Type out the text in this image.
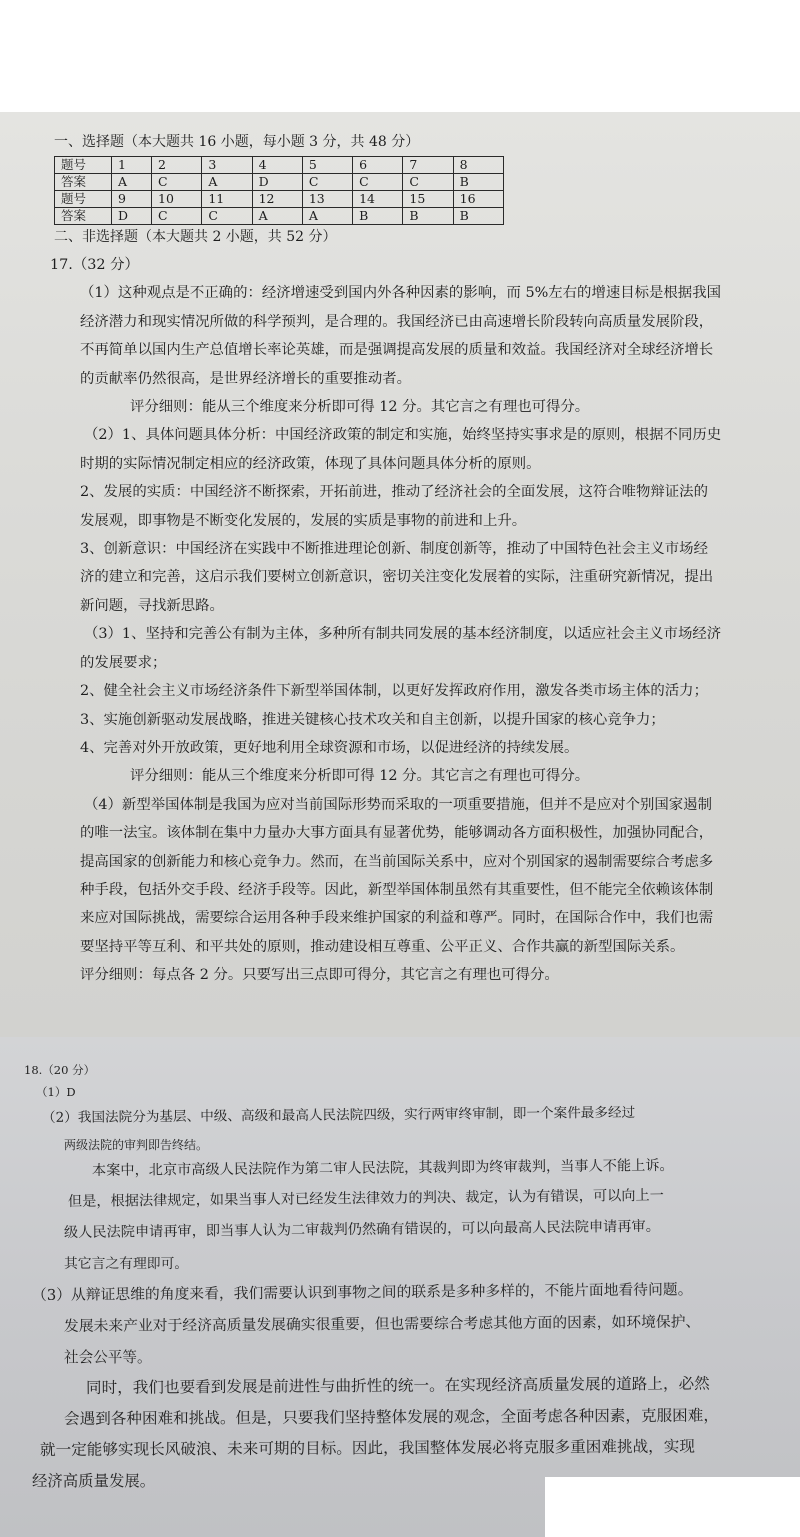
一、选择题（本大题共 16 小题，每小题 3 分，共 48 分）
题号	1	2	3	4	5	6	7	8
答案	A	C	A	D	C	C	C	B
题号	9	10	11	12	13	14	15	16
答案	D	C	C	A	A	B	B	B
二、非选择题（本大题共 2 小题，共 52 分）

17.（32 分）

（1）这种观点是不正确的：经济增速受到国内外各种因素的影响，而 5%左右的增速目标是根据我国

经济潜力和现实情况所做的科学预判，是合理的。我国经济已由高速增长阶段转向高质量发展阶段，

不再简单以国内生产总值增长率论英雄，而是强调提高发展的质量和效益。我国经济对全球经济增长

的贡献率仍然很高，是世界经济增长的重要推动者。

评分细则：能从三个维度来分析即可得 12 分。其它言之有理也可得分。

（2）1、具体问题具体分析：中国经济政策的制定和实施，始终坚持实事求是的原则，根据不同历史

时期的实际情况制定相应的经济政策，体现了具体问题具体分析的原则。

2、发展的实质：中国经济不断探索，开拓前进，推动了经济社会的全面发展，这符合唯物辩证法的

发展观，即事物是不断变化发展的，发展的实质是事物的前进和上升。

3、创新意识：中国经济在实践中不断推进理论创新、制度创新等，推动了中国特色社会主义市场经

济的建立和完善，这启示我们要树立创新意识，密切关注变化发展着的实际，注重研究新情况，提出

新问题，寻找新思路。

（3）1、坚持和完善公有制为主体，多种所有制共同发展的基本经济制度，以适应社会主义市场经济

的发展要求；

2、健全社会主义市场经济条件下新型举国体制，以更好发挥政府作用，激发各类市场主体的活力；

3、实施创新驱动发展战略，推进关键核心技术攻关和自主创新，以提升国家的核心竞争力；

4、完善对外开放政策，更好地利用全球资源和市场，以促进经济的持续发展。

评分细则：能从三个维度来分析即可得 12 分。其它言之有理也可得分。

（4）新型举国体制是我国为应对当前国际形势而采取的一项重要措施，但并不是应对个别国家遏制

的唯一法宝。该体制在集中力量办大事方面具有显著优势，能够调动各方面积极性，加强协同配合，

提高国家的创新能力和核心竞争力。然而，在当前国际关系中，应对个别国家的遏制需要综合考虑多

种手段，包括外交手段、经济手段等。因此，新型举国体制虽然有其重要性，但不能完全依赖该体制

来应对国际挑战，需要综合运用各种手段来维护国家的利益和尊严。同时，在国际合作中，我们也需

要坚持平等互利、和平共处的原则，推动建设相互尊重、公平正义、合作共赢的新型国际关系。

评分细则：每点各 2 分。只要写出三点即可得分，其它言之有理也可得分。

18.（20 分）

（1）D

（2）我国法院分为基层、中级、高级和最高人民法院四级，实行两审终审制，即一个案件最多经过

两级法院的审判即告终结。

本案中，北京市高级人民法院作为第二审人民法院，其裁判即为终审裁判，当事人不能上诉。

但是，根据法律规定，如果当事人对已经发生法律效力的判决、裁定，认为有错误，可以向上一

级人民法院申请再审，即当事人认为二审裁判仍然确有错误的，可以向最高人民法院申请再审。

其它言之有理即可。

（3）从辩证思维的角度来看，我们需要认识到事物之间的联系是多种多样的，不能片面地看待问题。

发展未来产业对于经济高质量发展确实很重要，但也需要综合考虑其他方面的因素，如环境保护、

社会公平等。

同时，我们也要看到发展是前进性与曲折性的统一。在实现经济高质量发展的道路上，必然

会遇到各种困难和挑战。但是，只要我们坚持整体发展的观念，全面考虑各种因素，克服困难，

就一定能够实现长风破浪、未来可期的目标。因此，我国整体发展必将克服多重困难挑战，实现

经济高质量发展。
